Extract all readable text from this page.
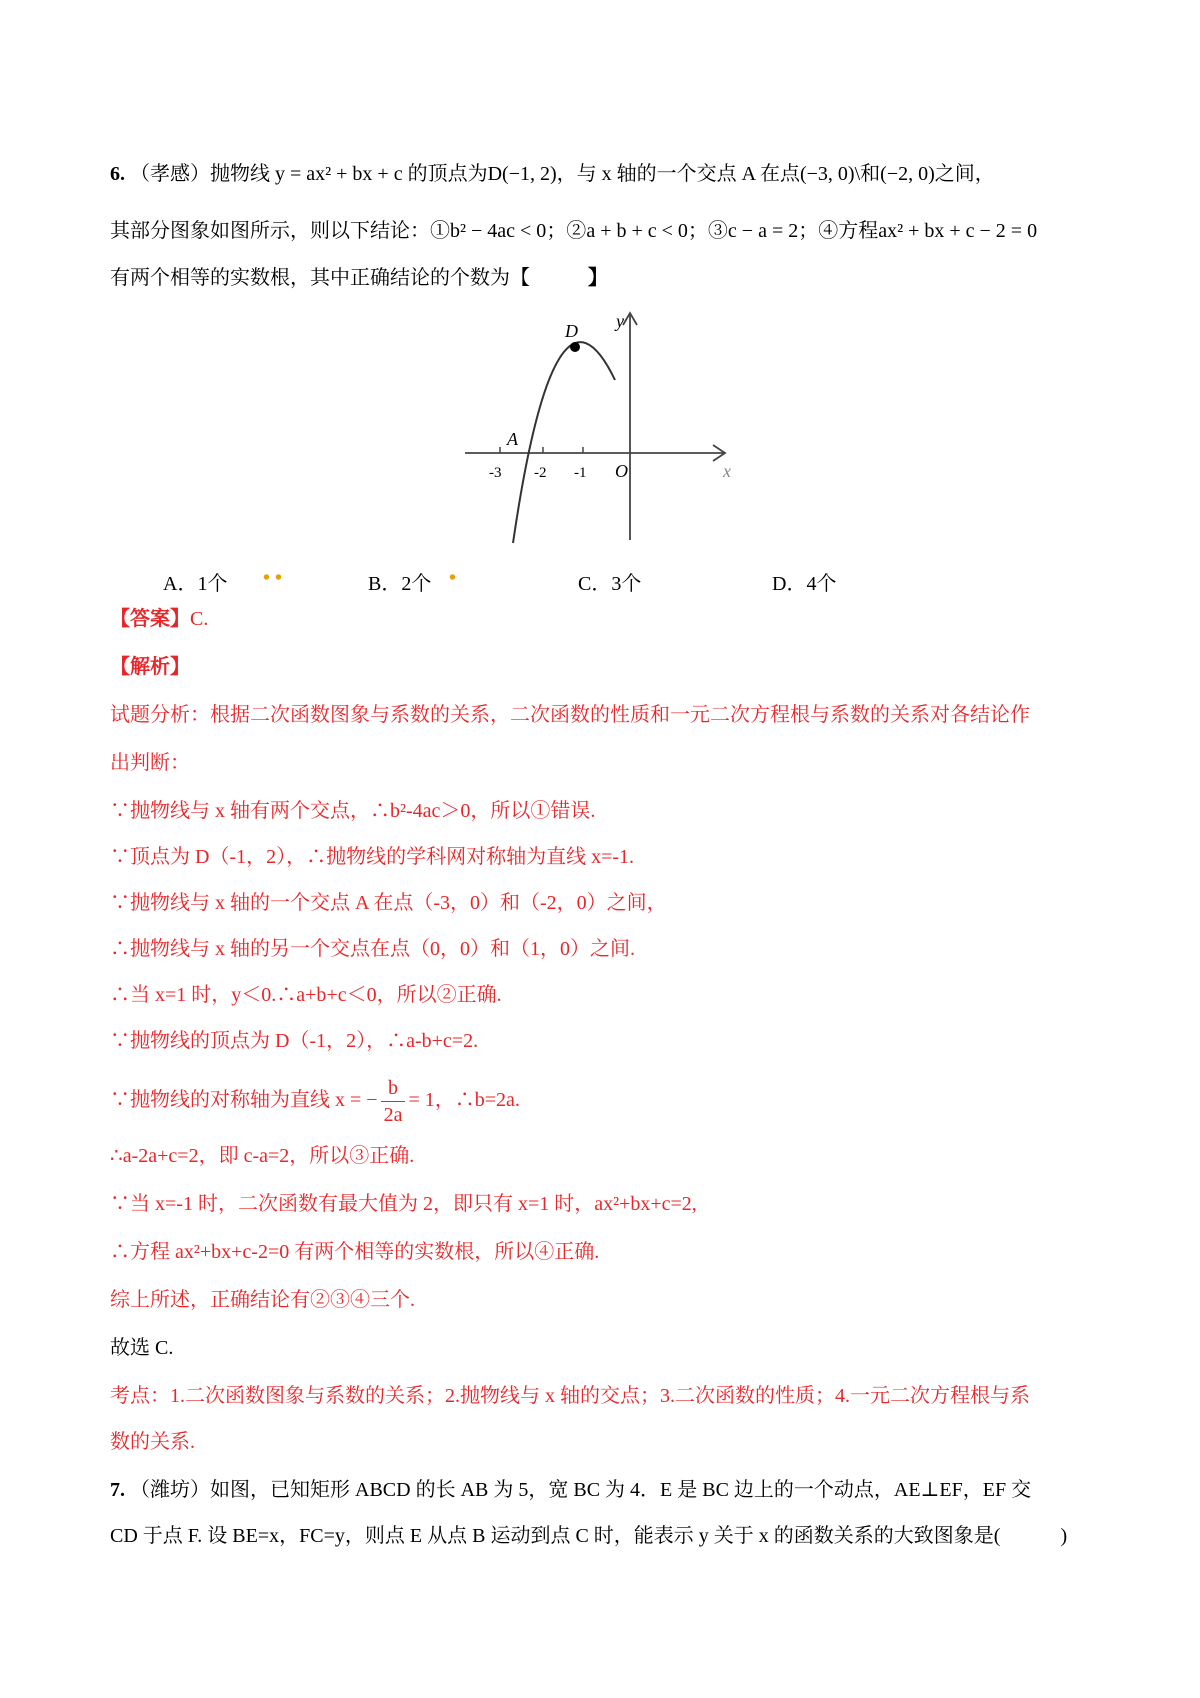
6. （孝感）抛物线 y = ax² + bx + c 的顶点为D(−1, 2)，与 x 轴的一个交点 A 在点(−3, 0)\和(−2, 0)之间，
其部分图象如图所示，则以下结论：①b² − 4ac < 0；②a + b + c < 0；③c − a = 2；④方程ax² + bx + c − 2 = 0
有两个相等的实数根，其中正确结论的个数为【	】
D
A
y
x
O
-3 -2 -1
A．1个 • •	B．2个 •	C．3个	D．4个
【答案】C.
【解析】
试题分析：根据二次函数图象与系数的关系，二次函数的性质和一元二次方程根与系数的关系对各结论作
出判断：
∵抛物线与 x 轴有两个交点，∴b²-4ac＞0，所以①错误.
∵顶点为 D（-1，2），∴抛物线的学科网对称轴为直线 x=-1.
∵抛物线与 x 轴的一个交点 A 在点（-3，0）和（-2，0）之间，
∴抛物线与 x 轴的另一个交点在点（0，0）和（1，0）之间.
∴当 x=1 时，y＜0.∴a+b+c＜0，所以②正确.
∵抛物线的顶点为 D（-1，2），∴a-b+c=2.
∵抛物线的对称轴为直线 x = − $\frac{b}{2a} = 1$，∴b=2a.
∴a-2a+c=2，即 c-a=2，所以③正确.
∵当 x=-1 时，二次函数有最大值为 2，即只有 x=1 时，ax²+bx+c=2,
∴方程 ax²+bx+c-2=0 有两个相等的实数根，所以④正确.
综上所述，正确结论有②③④三个.
故选 C.
考点：1.二次函数图象与系数的关系；2.抛物线与 x 轴的交点；3.二次函数的性质；4.一元二次方程根与系
数的关系.
7. （潍坊）如图，已知矩形 ABCD 的长 AB 为 5，宽 BC 为 4．E 是 BC 边上的一个动点，AE⊥EF，EF 交
CD 于点 F. 设 BE=x，FC=y，则点 E 从点 B 运动到点 C 时，能表示 y 关于 x 的函数关系的大致图象是(	)
